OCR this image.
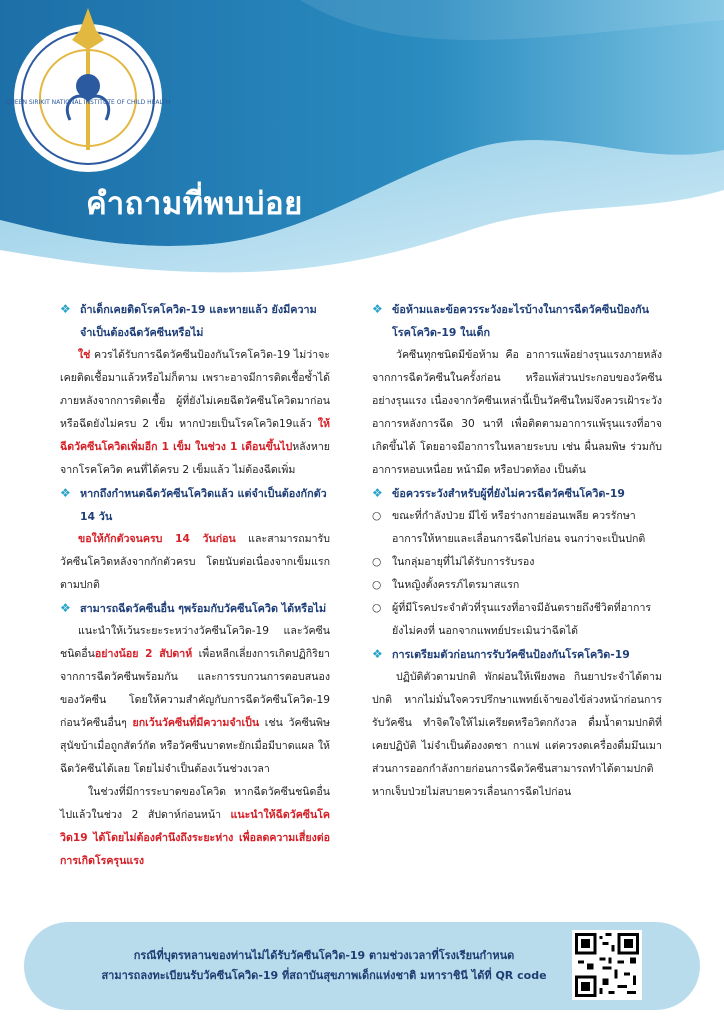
คำถามที่พบบ่อย
QUEEN SIRIKIT NATIONAL INSTITUTE OF CHILD HEALTH
❖ ถ้าเด็กเคยติดโรคโควิด-19 และหายแล้ว ยังมีความจำเป็นต้องฉีดวัคซีนหรือไม่
ใช่ ควรได้รับการฉีดวัคซีนป้องกันโรคโควิด-19 ไม่ว่าจะเคยติดเชื้อมาแล้วหรือไม่ก็ตาม เพราะอาจมีการติดเชื้อซ้ำได้ภายหลังจากการติดเชื้อ ผู้ที่ยังไม่เคยฉีดวัคซีนโควิดมาก่อน หรือฉีดยังไม่ครบ 2 เข็ม หากป่วยเป็นโรคโควิด19แล้ว ให้ฉีดวัคซีนโควิดเพิ่มอีก 1 เข็ม ในช่วง 1 เดือนขึ้นไปหลังหายจากโรคโควิด คนที่ได้ครบ 2 เข็มแล้ว ไม่ต้องฉีดเพิ่ม
❖ หากถึงกำหนดฉีดวัคซีนโควิดแล้ว แต่จำเป็นต้องกักตัว 14 วัน
ขอให้กักตัวจนครบ 14 วันก่อน และสามารถมารับวัคซีนโควิดหลังจากกักตัวครบ โดยนับต่อเนื่องจากเข็มแรกตามปกติ
❖ สามารถฉีดวัคซีนอื่น ๆพร้อมกับวัคซีนโควิด ได้หรือไม่
แนะนำให้เว้นระยะระหว่างวัคซีนโควิด-19 และวัคซีนชนิดอื่นอย่างน้อย 2 สัปดาห์ เพื่อหลีกเลี่ยงการเกิดปฏิกิริยาจากการฉีดวัคซีนพร้อมกัน และการรบกวนการตอบสนองของวัคซีน โดยให้ความสำคัญกับการฉีดวัคซีนโควิด-19 ก่อนวัคซีนอื่นๆ ยกเว้นวัคซีนที่มีความจำเป็น เช่น วัคซีนพิษสุนัขบ้าเมื่อถูกสัตว์กัด หรือวัคซีนบาดทะยักเมื่อมีบาดแผล ให้ฉีดวัคซีนได้เลย โดยไม่จำเป็นต้องเว้นช่วงเวลา
ในช่วงที่มีการระบาดของโควิด หากฉีดวัคซีนชนิดอื่นไปแล้วในช่วง 2 สัปดาห์ก่อนหน้า แนะนำให้ฉีดวัคซีนโควิด19 ได้โดยไม่ต้องคำนึงถึงระยะห่าง เพื่อลดความเสี่ยงต่อการเกิดโรครุนแรง
❖ ข้อห้ามและข้อควรระวังอะไรบ้างในการฉีดวัคซีนป้องกันโรคโควิด-19 ในเด็ก
วัคซีนทุกชนิดมีข้อห้าม คือ อาการแพ้อย่างรุนแรงภายหลังจากการฉีดวัคซีนในครั้งก่อน หรือแพ้ส่วนประกอบของวัคซีนอย่างรุนแรง เนื่องจากวัคซีนเหล่านี้เป็นวัคซีนใหม่จึงควรเฝ้าระวังอาการหลังการฉีด 30 นาที เพื่อติดตามอาการแพ้รุนแรงที่อาจเกิดขึ้นได้ โดยอาจมีอาการในหลายระบบ เช่น ผื่นลมพิษ ร่วมกับอาการหอบเหนื่อย หน้ามืด หรือปวดท้อง เป็นต้น
❖ ข้อควรระวังสำหรับผู้ที่ยังไม่ควรฉีดวัคซีนโควิด-19
○	ขณะที่กำลังป่วย มีไข้ หรือร่างกายอ่อนเพลีย ควรรักษาอาการให้หายและเลื่อนการฉีดไปก่อน จนกว่าจะเป็นปกติ
○	ในกลุ่มอายุที่ไม่ได้รับการรับรอง
○	ในหญิงตั้งครรภ์ไตรมาสแรก
○	ผู้ที่มีโรคประจำตัวที่รุนแรงที่อาจมีอันตรายถึงชีวิตที่อาการยังไม่คงที่ นอกจากแพทย์ประเมินว่าฉีดได้
❖ การเตรียมตัวก่อนการรับวัคซีนป้องกันโรคโควิด-19
ปฏิบัติตัวตามปกติ พักผ่อนให้เพียงพอ กินยาประจำได้ตามปกติ หากไม่มั่นใจควรปรึกษาแพทย์เจ้าของไข้ล่วงหน้าก่อนการรับวัคซีน ทำจิตใจให้ไม่เครียดหรือวิตกกังวล ดื่มน้ำตามปกติที่เคยปฏิบัติ ไม่จำเป็นต้องงดชา กาแฟ แต่ควรงดเครื่องดื่มมึนเมา ส่วนการออกกำลังกายก่อนการฉีดวัคซีนสามารถทำได้ตามปกติ หากเจ็บป่วยไม่สบายควรเลื่อนการฉีดไปก่อน
กรณีที่บุตรหลานของท่านไม่ได้รับวัคซีนโควิด-19 ตามช่วงเวลาที่โรงเรียนกำหนด
สามารถลงทะเบียนรับวัคซีนโควิด-19 ที่สถาบันสุขภาพเด็กแห่งชาติ มหาราชินี ได้ที่ QR code
